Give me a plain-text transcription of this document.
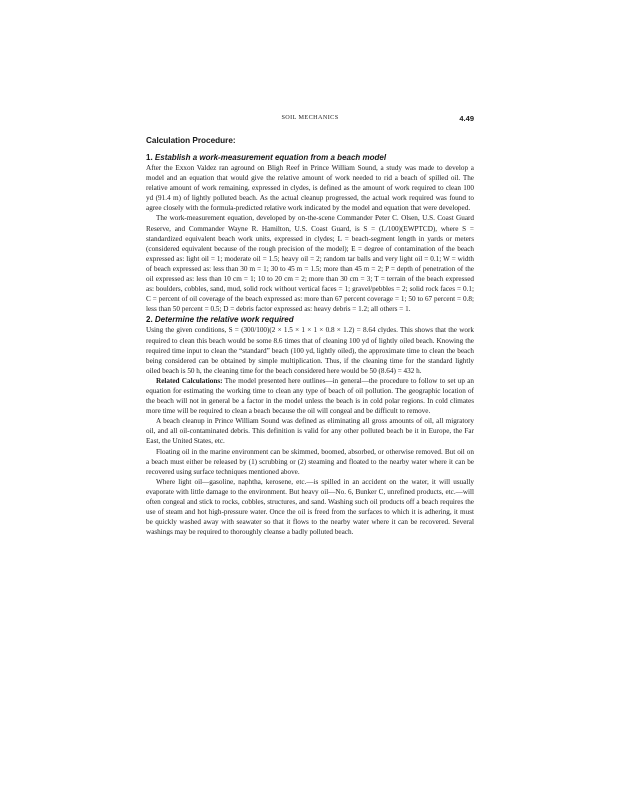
SOIL MECHANICS	4.49
Calculation Procedure:
1. Establish a work-measurement equation from a beach model

After the Exxon Valdez ran aground on Bligh Reef in Prince William Sound, a study was made to develop a model and an equation that would give the relative amount of work needed to rid a beach of spilled oil. The relative amount of work remaining, expressed in clydes, is defined as the amount of work required to clean 100 yd (91.4 m) of lightly polluted beach. As the actual cleanup progressed, the actual work required was found to agree closely with the formula-predicted relative work indicated by the model and equation that were developed.

The work-measurement equation, developed by on-the-scene Commander Peter C. Olsen, U.S. Coast Guard Reserve, and Commander Wayne R. Hamilton, U.S. Coast Guard, is S = (L/100)(EWPTCD), where S = standardized equivalent beach work units, expressed in clydes; L = beach-segment length in yards or meters (considered equivalent because of the rough precision of the model); E = degree of contamination of the beach expressed as: light oil = 1; moderate oil = 1.5; heavy oil = 2; random tar balls and very light oil = 0.1; W = width of beach expressed as: less than 30 m = 1; 30 to 45 m = 1.5; more than 45 m = 2; P = depth of penetration of the oil expressed as: less than 10 cm = 1; 10 to 20 cm = 2; more than 30 cm = 3; T = terrain of the beach expressed as: boulders, cobbles, sand, mud, solid rock without vertical faces = 1; gravel/pebbles = 2; solid rock faces = 0.1; C = percent of oil coverage of the beach expressed as: more than 67 percent coverage = 1; 50 to 67 percent = 0.8; less than 50 percent = 0.5; D = debris factor expressed as: heavy debris = 1.2; all others = 1.

2. Determine the relative work required

Using the given conditions, S = (300/100)(2 × 1.5 × 1 × 1 × 0.8 × 1.2) = 8.64 clydes. This shows that the work required to clean this beach would be some 8.6 times that of cleaning 100 yd of lightly oiled beach. Knowing the required time input to clean the “standard” beach (100 yd, lightly oiled), the approximate time to clean the beach being considered can be obtained by simple multiplication. Thus, if the cleaning time for the standard lightly oiled beach is 50 h, the cleaning time for the beach considered here would be 50 (8.64) = 432 h.

Related Calculations: The model presented here outlines—in general—the procedure to follow to set up an equation for estimating the working time to clean any type of beach of oil pollution. The geographic location of the beach will not in general be a factor in the model unless the beach is in cold polar regions. In cold climates more time will be required to clean a beach because the oil will congeal and be difficult to remove.

A beach cleanup in Prince William Sound was defined as eliminating all gross amounts of oil, all migratory oil, and all oil-contaminated debris. This definition is valid for any other polluted beach be it in Europe, the Far East, the United States, etc.

Floating oil in the marine environment can be skimmed, boomed, absorbed, or otherwise removed. But oil on a beach must either be released by (1) scrubbing or (2) steaming and floated to the nearby water where it can be recovered using surface techniques mentioned above.

Where light oil—gasoline, naphtha, kerosene, etc.—is spilled in an accident on the water, it will usually evaporate with little damage to the environment. But heavy oil—No. 6, Bunker C, unrefined products, etc.—will often congeal and stick to rocks, cobbles, structures, and sand. Washing such oil products off a beach requires the use of steam and hot high-pressure water. Once the oil is freed from the surfaces to which it is adhering, it must be quickly washed away with seawater so that it flows to the nearby water where it can be recovered. Several washings may be required to thoroughly cleanse a badly polluted beach.
